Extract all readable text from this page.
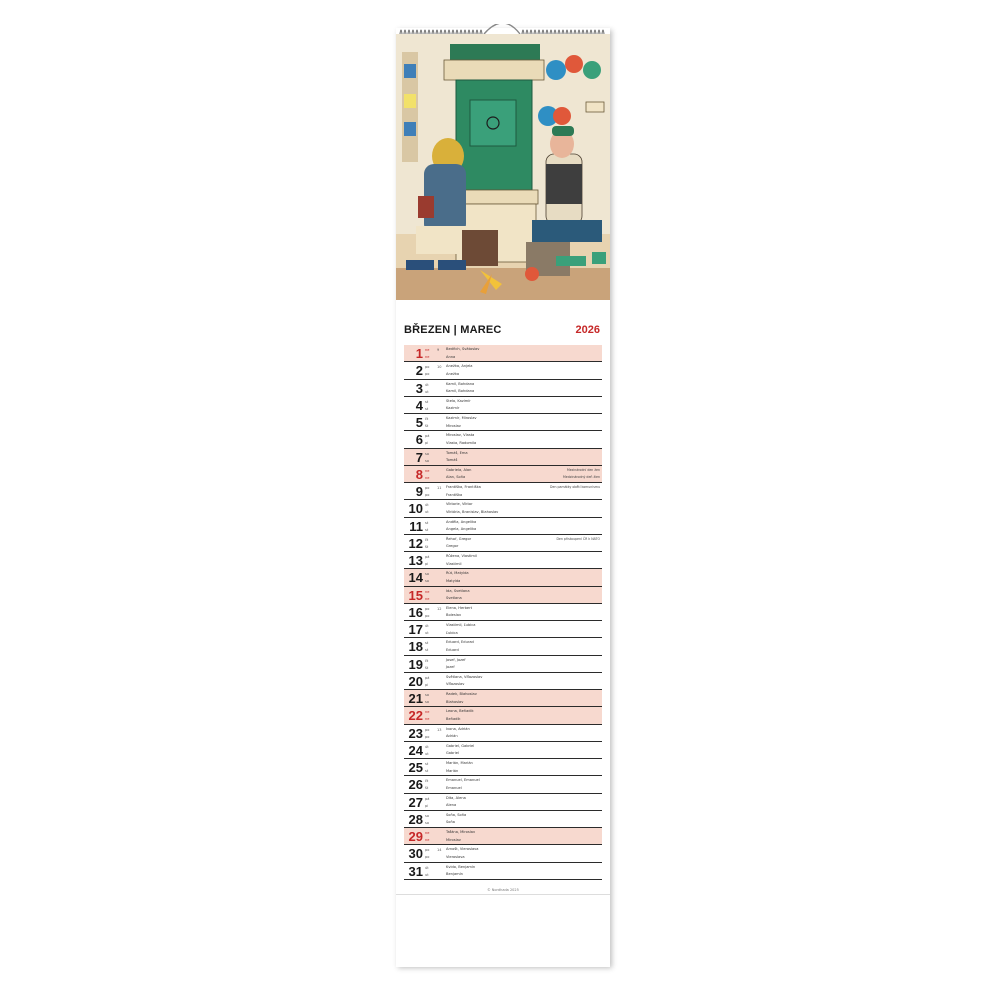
BŘEZEN | MAREC	2026
1 ne
ne
9 Bedřich, Svätoslav
Anna
2 po
po
10 Anežka, Anjela
Anežka
3 út
ut
Kamil, Bohdana
Kamil, Bohdana
4 st
st
Stela, Kazimír
Kazimír
5 čt
št
Kazimír, Miroslav
Miroslav
6 pá
pi
Miroslav, Vlasta
Vlasta, Radomila
7 so
so
Tomáš, Ema
Tomáš
8 ne
ne
Gabriela, Alan
Alan, Soňa
Mezinárodní den žen
Medzinárodný deň žien
9 po
po
11 Františka, Františka
Františka
Den památky obětí komunismu
10 út
ut
Viktorie, Viktor
Viktória, Branislav, Blahoslav
11 st
st
Anděla, Angelika
Angela, Angelika
12 čt
št
Řehoř, Gregor
Gregor
Den přistoupení ČR k NATO
13 pá
pi
Růžena, Vlastimil
Vlastimil
14 so
so
Rút, Matylda
Matylda
15 ne
ne
Ida, Svetlana
Svetlana
16 po
po
12 Elena, Herbert
Boleslav
17 út
ut
Vlastimil, Ľubica
Ľubica
18 st
st
Eduard, Edurad
Eduard
19 čt
št
Josef, Jozef
Jozef
20 pá
pi
Světlana, Víťazoslav
Víťazoslav
21 so
so
Radek, Blahoslav
Blahoslav
22 ne
ne
Leona, Beňadik
Beňadik
23 po
po
13 Ivona, Adrián
Adrián
24 út
ut
Gabriel, Gabriel
Gabriel
25 st
st
Marián, Marián
Marián
26 čt
št
Emanuel, Emanuel
Emanuel
27 pá
pi
Dita, Alena
Alena
28 so
so
Soňa, Soňa
Soňa
29 ne
ne
Taťána, Miroslav
Miroslav
30 po
po
14 Arnošt, Vieroslava
Vieroslava
31 út
ut
Kvido, Benjamín
Benjamín
© Nordhada 2025
